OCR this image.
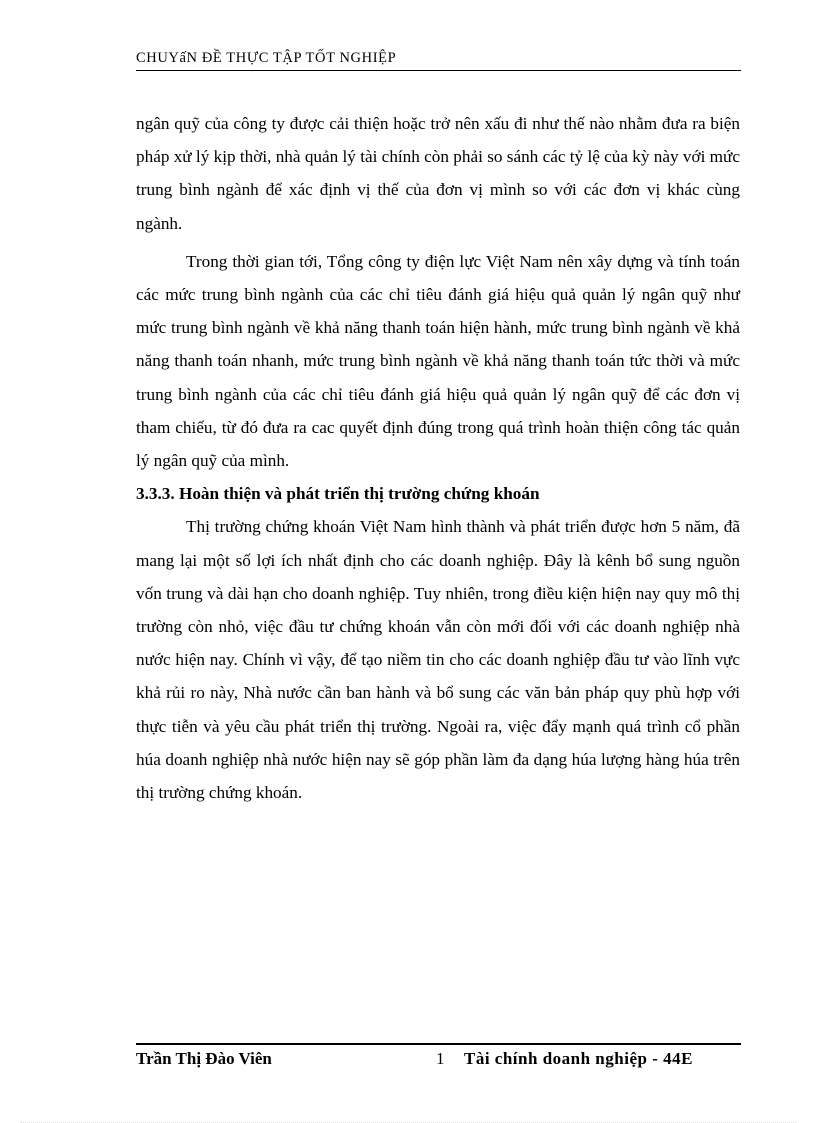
CHUYấN ĐỀ THỰC TẬP TỐT NGHIỆP

ngân quỹ của công ty được cải thiện hoặc trở nên xấu đi như thế nào nhằm đưa ra biện pháp xử lý kịp thời, nhà quản lý tài chính còn phải so sánh các tỷ lệ của kỳ này với mức trung bình ngành để xác định vị thế của đơn vị mình so với các đơn vị khác cùng ngành.

Trong thời gian tới, Tổng công ty điện lực Việt Nam nên xây dựng và tính toán các mức trung bình ngành của các chỉ tiêu đánh giá hiệu quả quản lý ngân quỹ như mức trung bình ngành về khả năng thanh toán hiện hành, mức trung bình ngành về khả năng thanh toán nhanh, mức trung bình ngành về khả năng thanh toán tức thời và mức trung bình ngành của các chỉ tiêu đánh giá hiệu quả quản lý ngân quỹ để các đơn vị tham chiếu, từ đó đưa ra cac quyết định đúng trong quá trình hoàn thiện công tác quản lý ngân quỹ của mình.

3.3.3. Hoàn thiện và phát triển thị trường chứng khoán

Thị trường chứng khoán Việt Nam hình thành và phát triển được hơn 5 năm, đã mang lại một số lợi ích nhất định cho các doanh nghiệp. Đây là kênh bổ sung nguồn vốn trung và dài hạn cho doanh nghiệp. Tuy nhiên, trong điều kiện hiện nay quy mô thị trường còn nhỏ, việc đầu tư chứng khoán vẫn còn mới đối với các doanh nghiệp nhà nước hiện nay. Chính vì vậy, để tạo niềm tin cho các doanh nghiệp đầu tư vào lĩnh vực khả rủi ro này, Nhà nước cần ban hành và bổ sung các văn bản pháp quy phù hợp với thực tiễn và yêu cầu phát triển thị trường. Ngoài ra, việc đẩy mạnh quá trình cổ phần húa doanh nghiệp nhà nước hiện nay sẽ góp phần làm đa dạng húa lượng hàng húa trên thị trường chứng khoán.

Trần Thị Đào Viên	1 Tài chính doanh nghiệp - 44E
